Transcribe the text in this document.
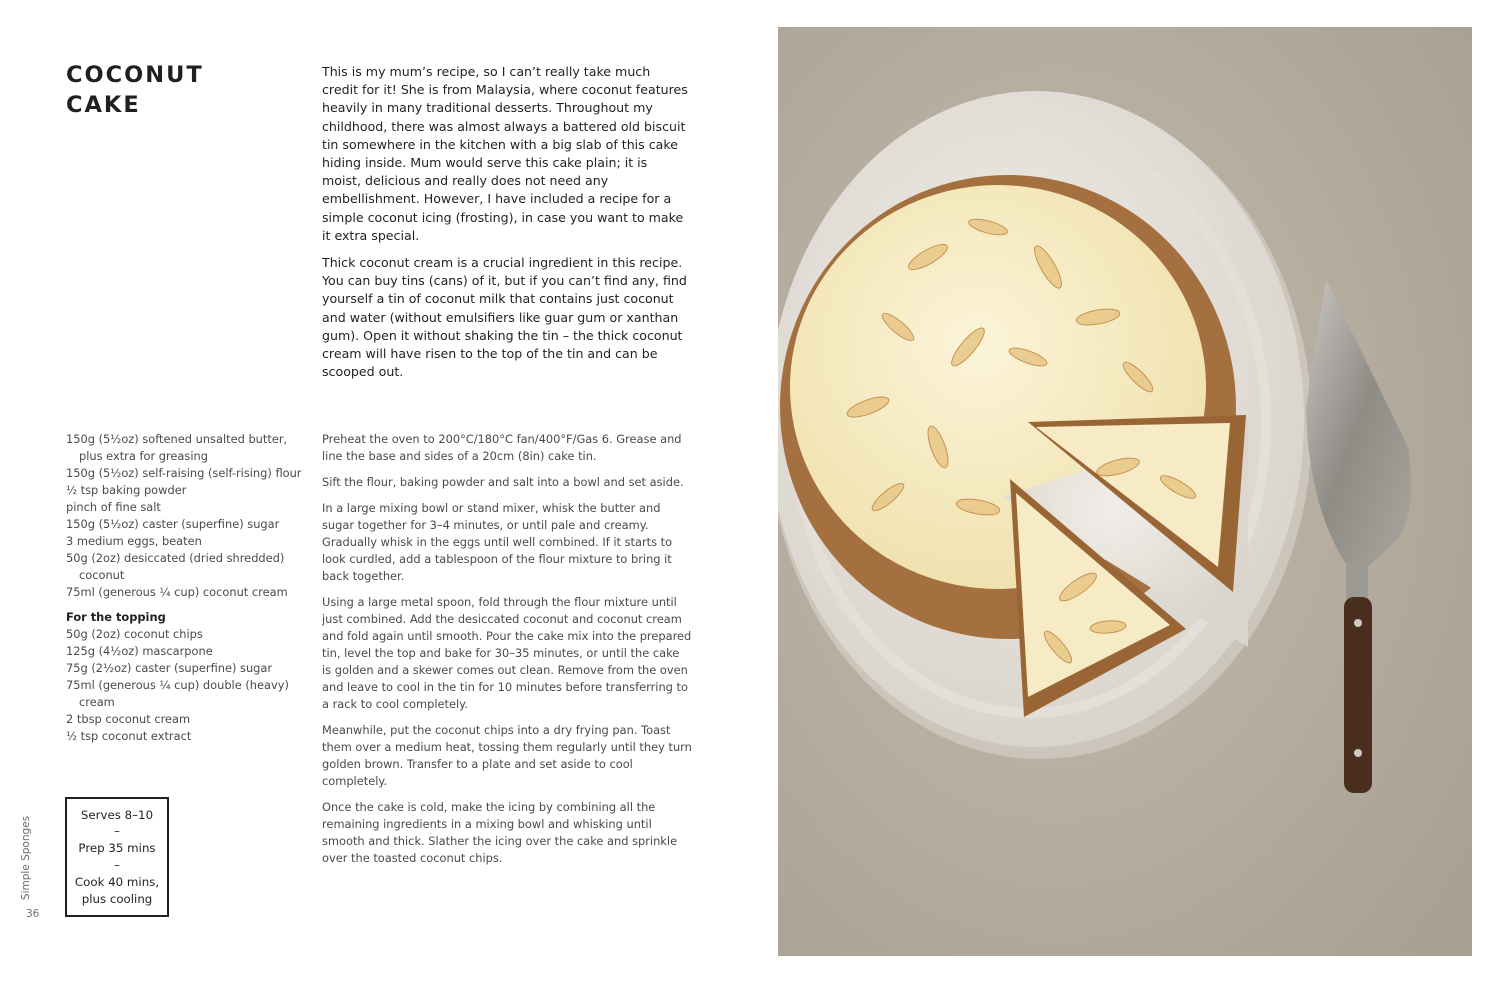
COCONUT
CAKE

This is my mum’s recipe, so I can’t really take much credit for it! She is from Malaysia, where coconut features heavily in many traditional desserts. Throughout my childhood, there was almost always a battered old biscuit tin somewhere in the kitchen with a big slab of this cake hiding inside. Mum would serve this cake plain; it is moist, delicious and really does not need any embellishment. However, I have included a recipe for a simple coconut icing (frosting), in case you want to make it extra special.

Thick coconut cream is a crucial ingredient in this recipe. You can buy tins (cans) of it, but if you can’t find any, find yourself a tin of coconut milk that contains just coconut and water (without emulsifiers like guar gum or xanthan gum). Open it without shaking the tin – the thick coconut cream will have risen to the top of the tin and can be scooped out.

150g (5½oz) softened unsalted butter, plus extra for greasing

150g (5½oz) self-raising (self-rising) flour

½ tsp baking powder

pinch of fine salt

150g (5½oz) caster (superfine) sugar

3 medium eggs, beaten

50g (2oz) desiccated (dried shredded) coconut

75ml (generous ¼ cup) coconut cream

For the topping

50g (2oz) coconut chips

125g (4½oz) mascarpone

75g (2½oz) caster (superfine) sugar

75ml (generous ¼ cup) double (heavy) cream

2 tbsp coconut cream

½ tsp coconut extract

Preheat the oven to 200°C/180°C fan/400°F/Gas 6. Grease and line the base and sides of a 20cm (8in) cake tin.

Sift the flour, baking powder and salt into a bowl and set aside.

In a large mixing bowl or stand mixer, whisk the butter and sugar together for 3–4 minutes, or until pale and creamy. Gradually whisk in the eggs until well combined. If it starts to look curdled, add a tablespoon of the flour mixture to bring it back together.

Using a large metal spoon, fold through the flour mixture until just combined. Add the desiccated coconut and coconut cream and fold again until smooth. Pour the cake mix into the prepared tin, level the top and bake for 30–35 minutes, or until the cake is golden and a skewer comes out clean. Remove from the oven and leave to cool in the tin for 10 minutes before transferring to a rack to cool completely.

Meanwhile, put the coconut chips into a dry frying pan. Toast them over a medium heat, tossing them regularly until they turn golden brown. Transfer to a plate and set aside to cool completely.

Once the cake is cold, make the icing by combining all the remaining ingredients in a mixing bowl and whisking until smooth and thick. Slather the icing over the cake and sprinkle over the toasted coconut chips.

Serves 8–10
–
Prep 35 mins
–
Cook 40 mins,
plus cooling
Simple Sponges
36
